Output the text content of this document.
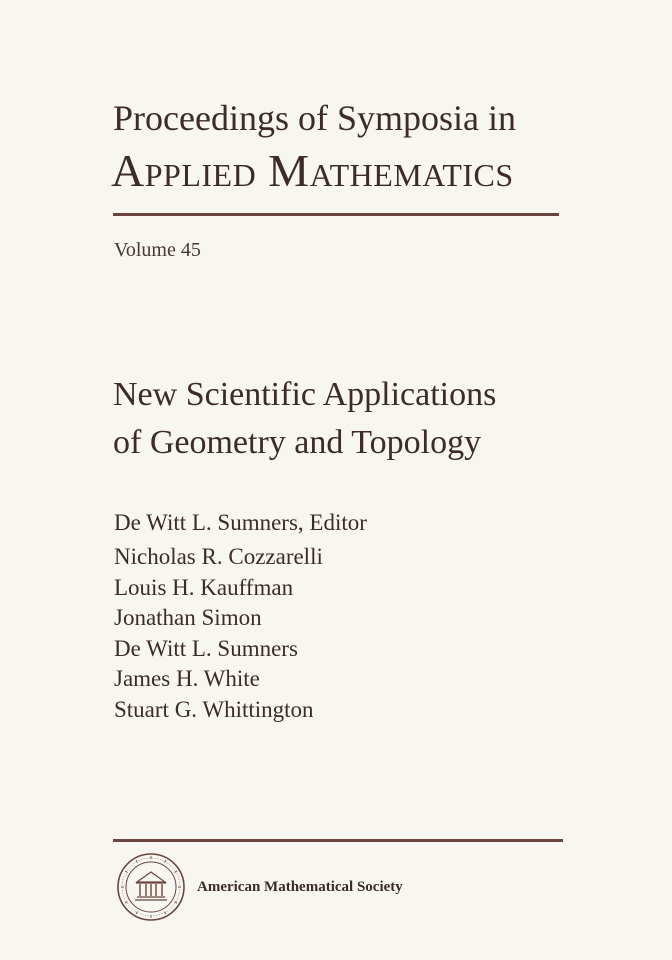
Proceedings of Symposia in
Applied Mathematics
Volume 45
New Scientific Applications
of Geometry and Topology
De Witt L. Sumners, Editor
Nicholas R. Cozzarelli
Louis H. Kauffman
Jonathan Simon
De Witt L. Sumners
James H. White
Stuart G. Whittington
American Mathematical Society
